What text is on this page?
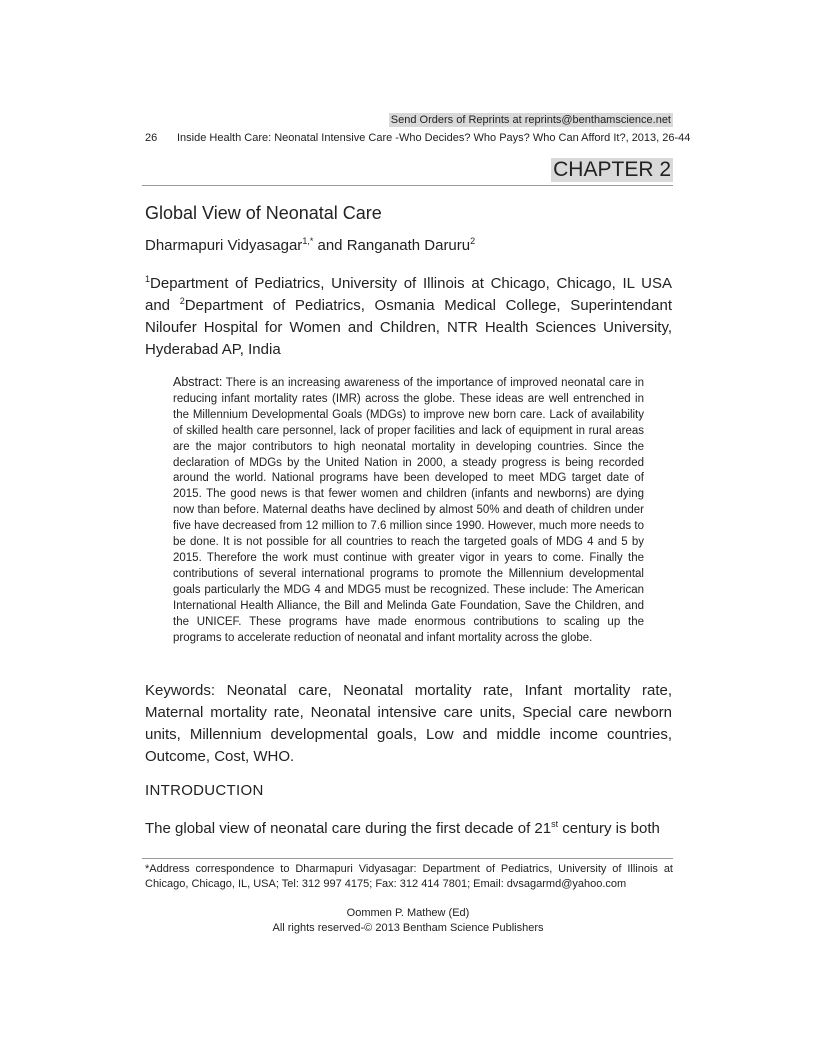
Send Orders of Reprints at reprints@benthamscience.net
26 Inside Health Care: Neonatal Intensive Care -Who Decides? Who Pays? Who Can Afford It?, 2013, 26-44
CHAPTER 2
Global View of Neonatal Care
Dharmapuri Vidyasagar$^{1,*}$ and Ranganath Daruru$^2$
$^1$Department of Pediatrics, University of Illinois at Chicago, Chicago, IL USA and $^2$Department of Pediatrics, Osmania Medical College, Superintendant Niloufer Hospital for Women and Children, NTR Health Sciences University, Hyderabad AP, India
Abstract: There is an increasing awareness of the importance of improved neonatal care in reducing infant mortality rates (IMR) across the globe. These ideas are well entrenched in the Millennium Developmental Goals (MDGs) to improve new born care. Lack of availability of skilled health care personnel, lack of proper facilities and lack of equipment in rural areas are the major contributors to high neonatal mortality in developing countries. Since the declaration of MDGs by the United Nation in 2000, a steady progress is being recorded around the world. National programs have been developed to meet MDG target date of 2015. The good news is that fewer women and children (infants and newborns) are dying now than before. Maternal deaths have declined by almost 50% and death of children under five have decreased from 12 million to 7.6 million since 1990. However, much more needs to be done. It is not possible for all countries to reach the targeted goals of MDG 4 and 5 by 2015. Therefore the work must continue with greater vigor in years to come. Finally the contributions of several international programs to promote the Millennium developmental goals particularly the MDG 4 and MDG5 must be recognized. These include: The American International Health Alliance, the Bill and Melinda Gate Foundation, Save the Children, and the UNICEF. These programs have made enormous contributions to scaling up the programs to accelerate reduction of neonatal and infant mortality across the globe.
Keywords: Neonatal care, Neonatal mortality rate, Infant mortality rate, Maternal mortality rate, Neonatal intensive care units, Special care newborn units, Millennium developmental goals, Low and middle income countries, Outcome, Cost, WHO.
INTRODUCTION
The global view of neonatal care during the first decade of 21st century is both
*Address correspondence to Dharmapuri Vidyasagar: Department of Pediatrics, University of Illinois at Chicago, Chicago, IL, USA; Tel: 312 997 4175; Fax: 312 414 7801; Email: dvsagarmd@yahoo.com
Oommen P. Mathew (Ed)
All rights reserved-© 2013 Bentham Science Publishers
